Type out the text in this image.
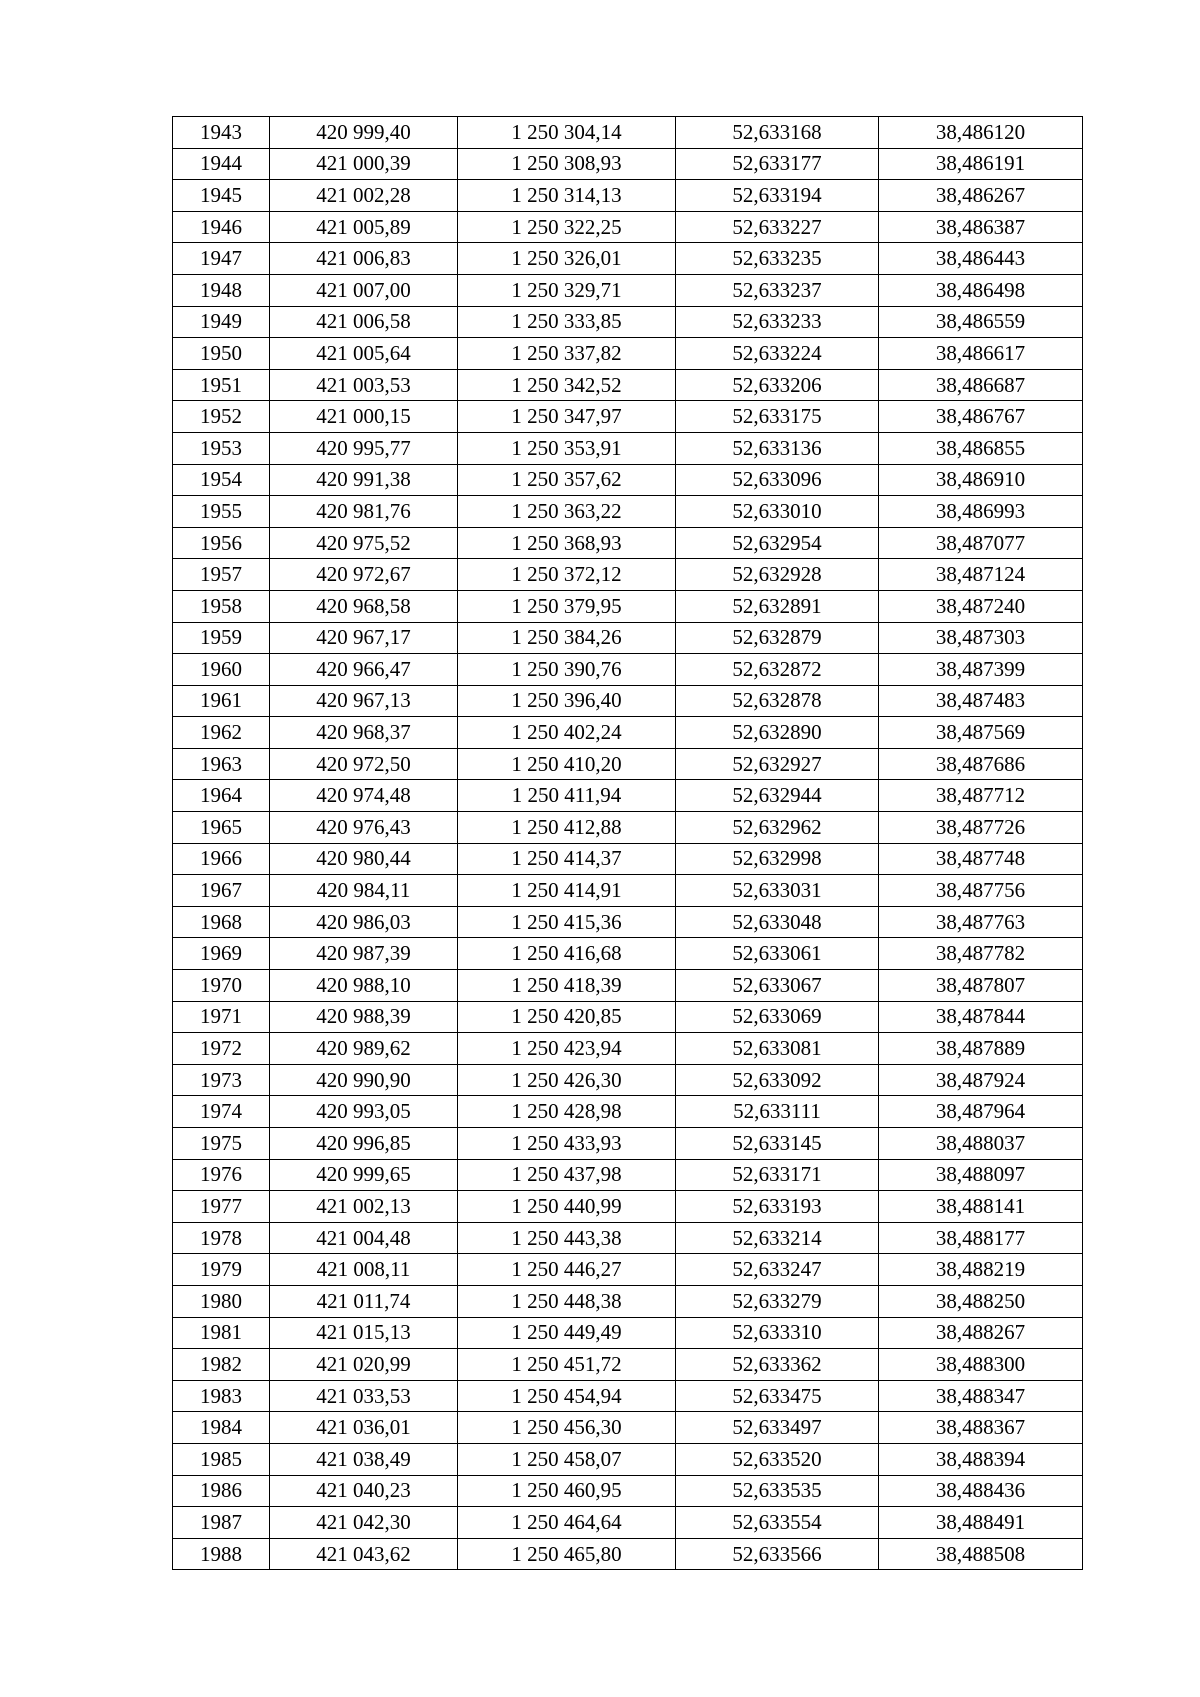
1943	420 999,40	1 250 304,14	52,633168	38,486120
1944	421 000,39	1 250 308,93	52,633177	38,486191
1945	421 002,28	1 250 314,13	52,633194	38,486267
1946	421 005,89	1 250 322,25	52,633227	38,486387
1947	421 006,83	1 250 326,01	52,633235	38,486443
1948	421 007,00	1 250 329,71	52,633237	38,486498
1949	421 006,58	1 250 333,85	52,633233	38,486559
1950	421 005,64	1 250 337,82	52,633224	38,486617
1951	421 003,53	1 250 342,52	52,633206	38,486687
1952	421 000,15	1 250 347,97	52,633175	38,486767
1953	420 995,77	1 250 353,91	52,633136	38,486855
1954	420 991,38	1 250 357,62	52,633096	38,486910
1955	420 981,76	1 250 363,22	52,633010	38,486993
1956	420 975,52	1 250 368,93	52,632954	38,487077
1957	420 972,67	1 250 372,12	52,632928	38,487124
1958	420 968,58	1 250 379,95	52,632891	38,487240
1959	420 967,17	1 250 384,26	52,632879	38,487303
1960	420 966,47	1 250 390,76	52,632872	38,487399
1961	420 967,13	1 250 396,40	52,632878	38,487483
1962	420 968,37	1 250 402,24	52,632890	38,487569
1963	420 972,50	1 250 410,20	52,632927	38,487686
1964	420 974,48	1 250 411,94	52,632944	38,487712
1965	420 976,43	1 250 412,88	52,632962	38,487726
1966	420 980,44	1 250 414,37	52,632998	38,487748
1967	420 984,11	1 250 414,91	52,633031	38,487756
1968	420 986,03	1 250 415,36	52,633048	38,487763
1969	420 987,39	1 250 416,68	52,633061	38,487782
1970	420 988,10	1 250 418,39	52,633067	38,487807
1971	420 988,39	1 250 420,85	52,633069	38,487844
1972	420 989,62	1 250 423,94	52,633081	38,487889
1973	420 990,90	1 250 426,30	52,633092	38,487924
1974	420 993,05	1 250 428,98	52,633111	38,487964
1975	420 996,85	1 250 433,93	52,633145	38,488037
1976	420 999,65	1 250 437,98	52,633171	38,488097
1977	421 002,13	1 250 440,99	52,633193	38,488141
1978	421 004,48	1 250 443,38	52,633214	38,488177
1979	421 008,11	1 250 446,27	52,633247	38,488219
1980	421 011,74	1 250 448,38	52,633279	38,488250
1981	421 015,13	1 250 449,49	52,633310	38,488267
1982	421 020,99	1 250 451,72	52,633362	38,488300
1983	421 033,53	1 250 454,94	52,633475	38,488347
1984	421 036,01	1 250 456,30	52,633497	38,488367
1985	421 038,49	1 250 458,07	52,633520	38,488394
1986	421 040,23	1 250 460,95	52,633535	38,488436
1987	421 042,30	1 250 464,64	52,633554	38,488491
1988	421 043,62	1 250 465,80	52,633566	38,488508
